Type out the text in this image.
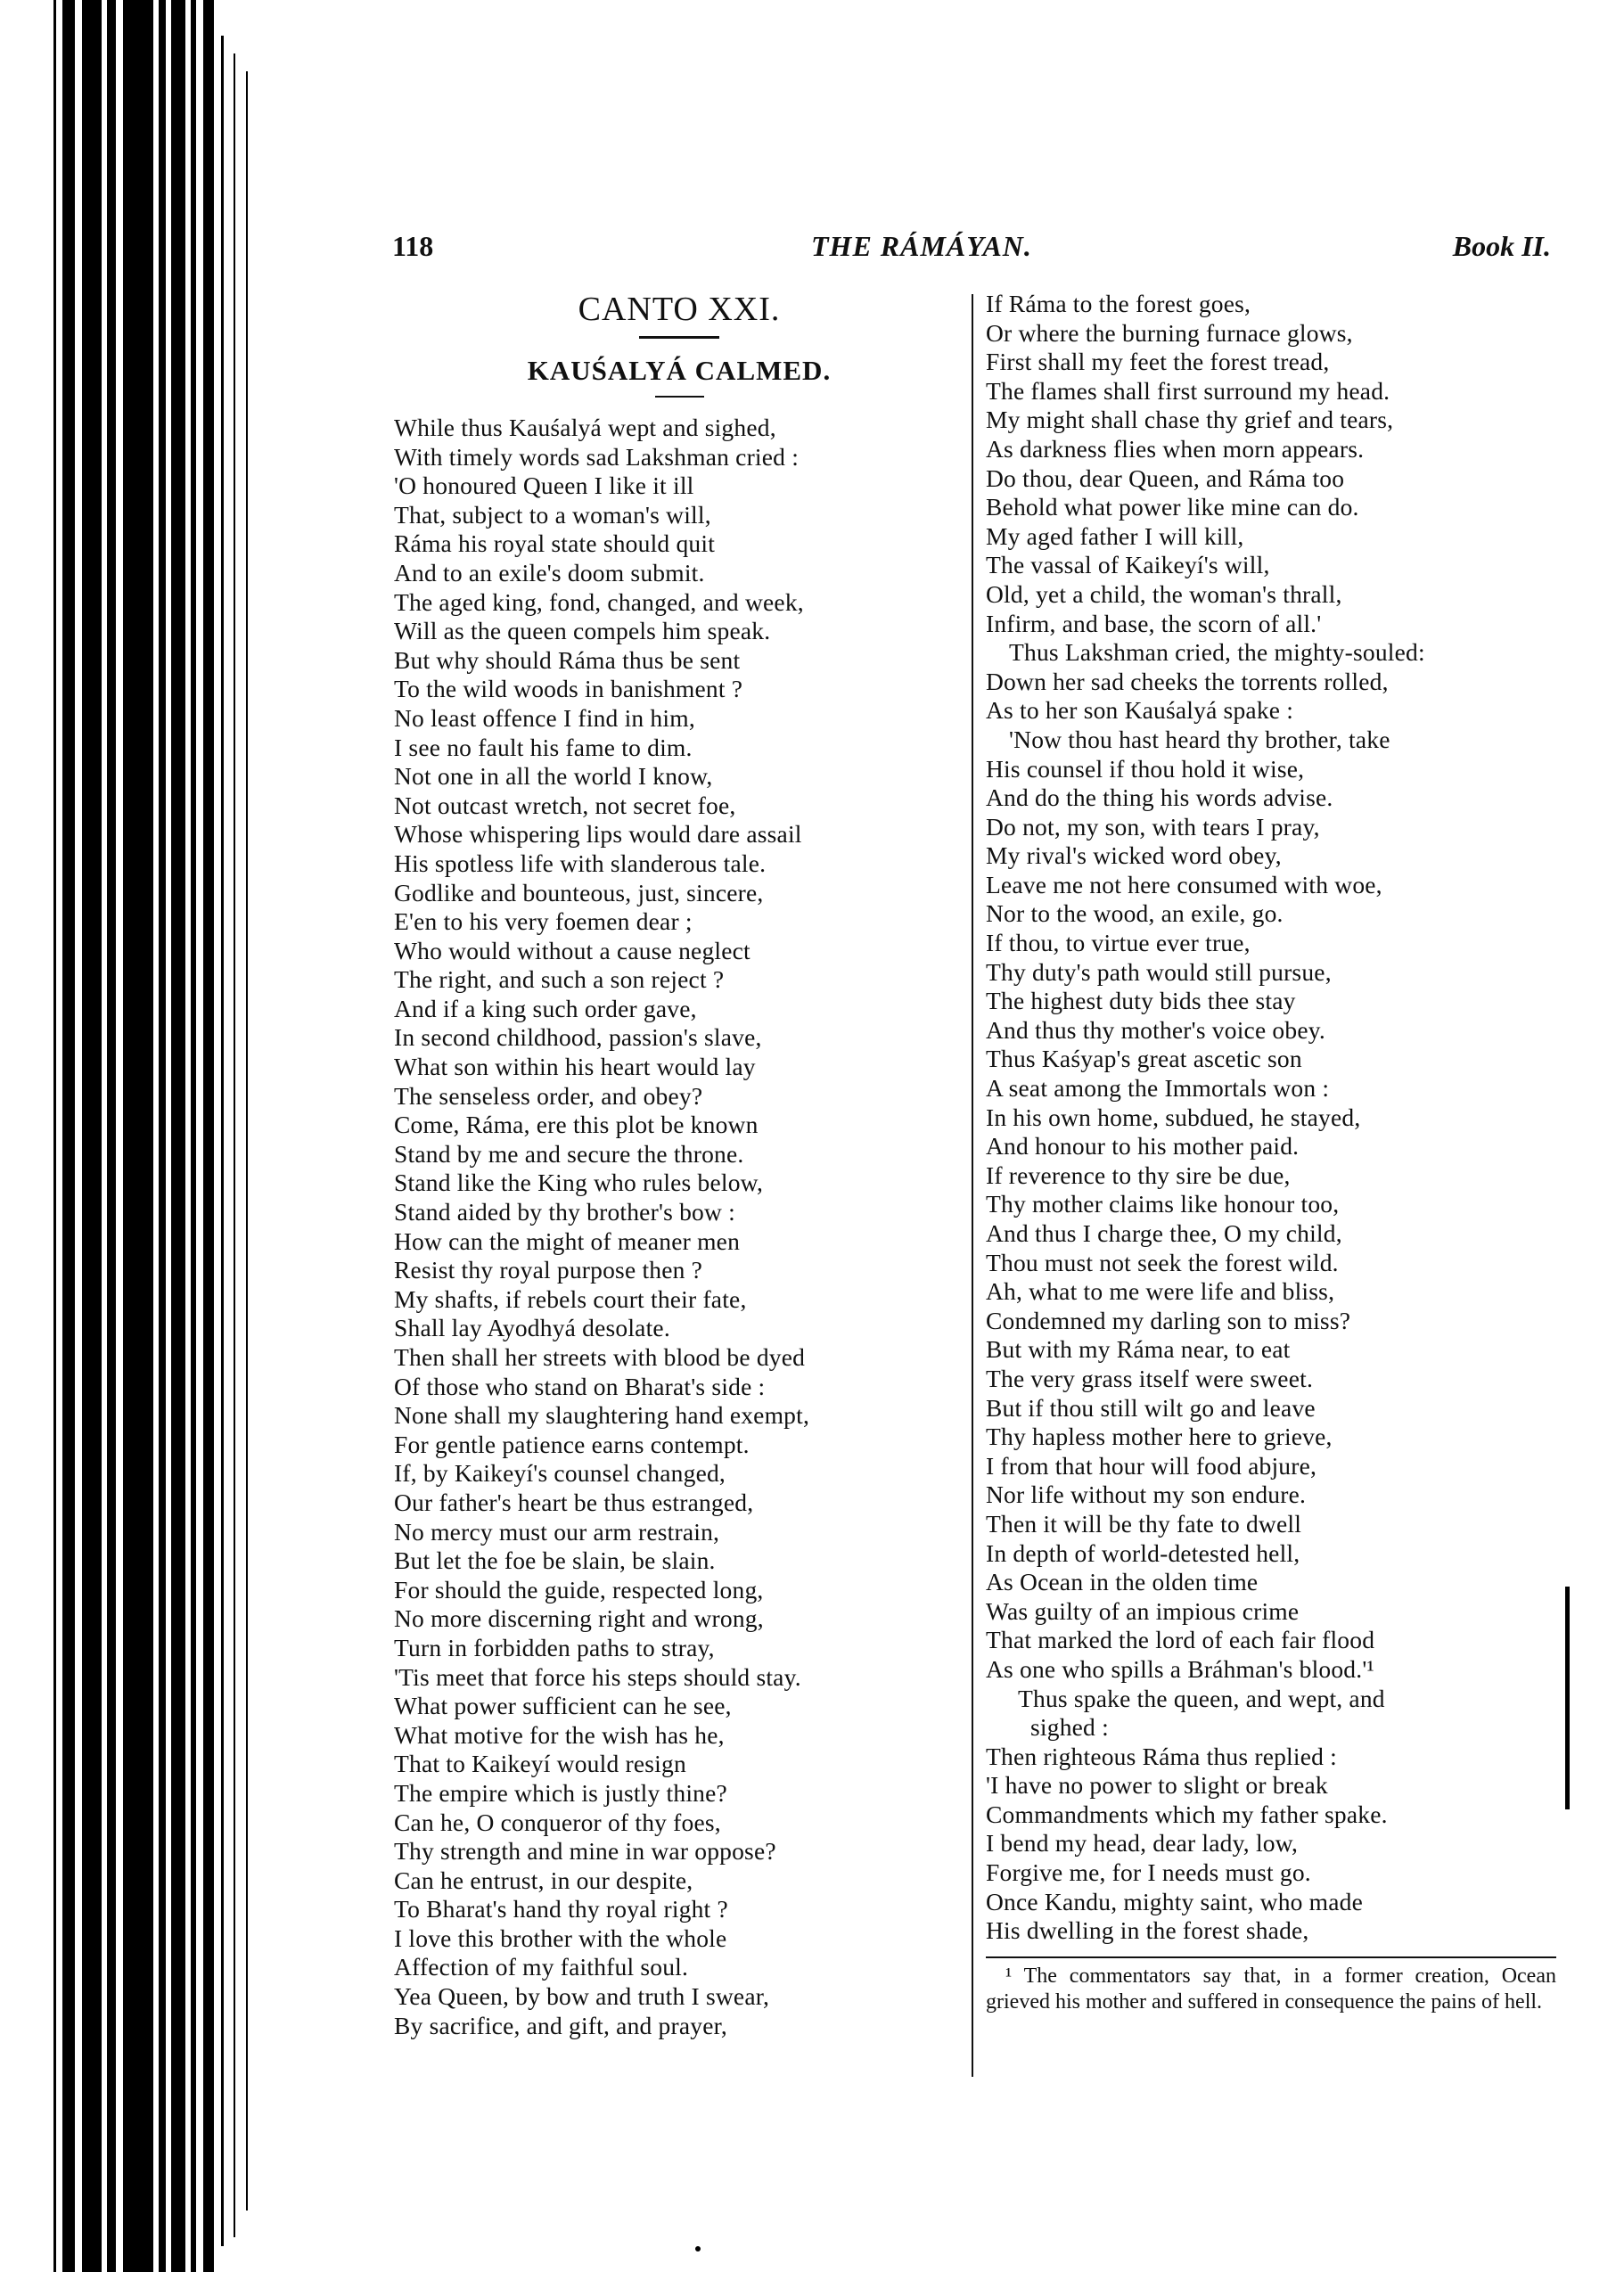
118	THE RÁMÁYAN.	Book II.
CANTO XXI.
KAUŚALYÁ CALMED.
While thus Kauśalyá wept and sighed,
With timely words sad Lakshman cried :
'O honoured Queen I like it ill
That, subject to a woman's will,
Ráma his royal state should quit
And to an exile's doom submit.
The aged king, fond, changed, and week,
Will as the queen compels him speak.
But why should Ráma thus be sent
To the wild woods in banishment ?
No least offence I find in him,
I see no fault his fame to dim.
Not one in all the world I know,
Not outcast wretch, not secret foe,
Whose whispering lips would dare assail
His spotless life with slanderous tale.
Godlike and bounteous, just, sincere,
E'en to his very foemen dear ;
Who would without a cause neglect
The right, and such a son reject ?
And if a king such order gave,
In second childhood, passion's slave,
What son within his heart would lay
The senseless order, and obey?
Come, Ráma, ere this plot be known
Stand by me and secure the throne.
Stand like the King who rules below,
Stand aided by thy brother's bow :
How can the might of meaner men
Resist thy royal purpose then ?
My shafts, if rebels court their fate,
Shall lay Ayodhyá desolate.
Then shall her streets with blood be dyed
Of those who stand on Bharat's side :
None shall my slaughtering hand exempt,
For gentle patience earns contempt.
If, by Kaikeyí's counsel changed,
Our father's heart be thus estranged,
No mercy must our arm restrain,
But let the foe be slain, be slain.
For should the guide, respected long,
No more discerning right and wrong,
Turn in forbidden paths to stray,
'Tis meet that force his steps should stay.
What power sufficient can he see,
What motive for the wish has he,
That to Kaikeyí would resign
The empire which is justly thine?
Can he, O conqueror of thy foes,
Thy strength and mine in war oppose?
Can he entrust, in our despite,
To Bharat's hand thy royal right ?
I love this brother with the whole
Affection of my faithful soul.
Yea Queen, by bow and truth I swear,
By sacrifice, and gift, and prayer,
If Ráma to the forest goes,
Or where the burning furnace glows,
First shall my feet the forest tread,
The flames shall first surround my head.
My might shall chase thy grief and tears,
As darkness flies when morn appears.
Do thou, dear Queen, and Ráma too
Behold what power like mine can do.
My aged father I will kill,
The vassal of Kaikeyí's will,
Old, yet a child, the woman's thrall,
Infirm, and base, the scorn of all.'
Thus Lakshman cried, the mighty-souled:
Down her sad cheeks the torrents rolled,
As to her son Kauśalyá spake :
'Now thou hast heard thy brother, take
His counsel if thou hold it wise,
And do the thing his words advise.
Do not, my son, with tears I pray,
My rival's wicked word obey,
Leave me not here consumed with woe,
Nor to the wood, an exile, go.
If thou, to virtue ever true,
Thy duty's path would still pursue,
The highest duty bids thee stay
And thus thy mother's voice obey.
Thus Kaśyap's great ascetic son
A seat among the Immortals won :
In his own home, subdued, he stayed,
And honour to his mother paid.
If reverence to thy sire be due,
Thy mother claims like honour too,
And thus I charge thee, O my child,
Thou must not seek the forest wild.
Ah, what to me were life and bliss,
Condemned my darling son to miss?
But with my Ráma near, to eat
The very grass itself were sweet.
But if thou still wilt go and leave
Thy hapless mother here to grieve,
I from that hour will food abjure,
Nor life without my son endure.
Then it will be thy fate to dwell
In depth of world-detested hell,
As Ocean in the olden time
Was guilty of an impious crime
That marked the lord of each fair flood
As one who spills a Bráhman's blood.'¹
Thus spake the queen, and wept, and
sighed :
Then righteous Ráma thus replied :
'I have no power to slight or break
Commandments which my father spake.
I bend my head, dear lady, low,
Forgive me, for I needs must go.
Once Kandu, mighty saint, who made
His dwelling in the forest shade,

¹ The commentators say that, in a former creation, Ocean grieved his mother and suffered in consequence the pains of hell.
